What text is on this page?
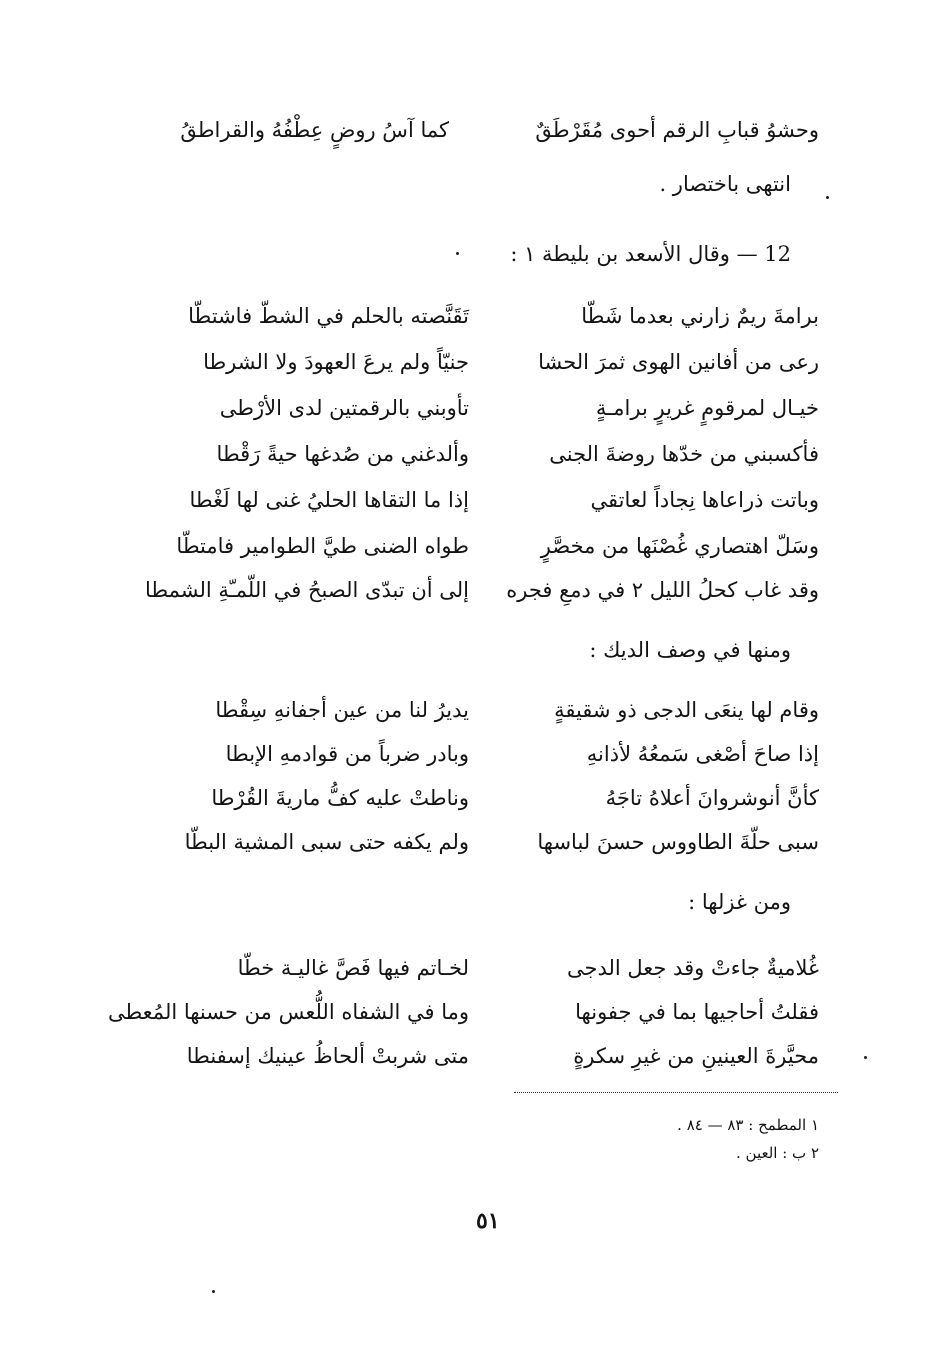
وحشوُ قبابِ الرقم أحوى مُقَرْطَقٌ
كما آسُ روضٍ عِطْفُهُ والقراطقُ
انتهى باختصار .
12 — وقال الأسعد بن بليطة ١ :
برامةَ ريمٌ زارني بعدما شَطّا
تَقَنَّصته بالحلم في الشطّ فاشتطّا
رعى من أفانين الهوى ثمرَ الحشا
جنيّاً ولم يرعَ العهودَ ولا الشرطا
خيـال لمرقومٍ غريرٍ برامـةٍ
تأوبني بالرقمتين لدى الأرْطى
فأكسبني من خدّها روضةَ الجنى
وألدغني من صُدغها حيةً رَقْطا
وباتت ذراعاها نِجاداً لعاتقي
إذا ما التقاها الحليُ غنى لها لَغْطا
وسَلّ اهتصاري غُصْنَها من مخصَّرٍ
طواه الضنى طيَّ الطوامير فامتطّا
وقد غاب كحلُ الليل ٢ في دمعِ فجره
إلى أن تبدّى الصبحُ في اللّمـّةِ الشمطا
ومنها في وصف الديك :
وقام لها ينعَى الدجى ذو شقيقةٍ
يديرُ لنا من عين أجفانهِ سِقْطا
إذا صاحَ أصْغى سَمعُهُ لأذانهِ
وبادر ضرباً من قوادمهِ الإبطا
كأنَّ أنوشروانَ أعلاهُ تاجَهُ
وناطتْ عليه كفُّ ماريةَ القُرْطا
سبى حلّةَ الطاووس حسنَ لباسها
ولم يكفه حتى سبى المشية البطّا
ومن غزلها :
غُلاميةٌ جاءتْ وقد جعل الدجى
لخـاتم فيها فَصَّ غاليـة خطّا
فقلتُ أحاجيها بما في جفونها
وما في الشفاه اللُّعس من حسنها المُعطى
محيَّرةَ العينينِ من غيرِ سكرةٍ
متى شربتْ ألحاظُ عينيك إسفنطا
١ المطمح : ٨٣ — ٨٤ .
٢ ب : العين .
٥١
